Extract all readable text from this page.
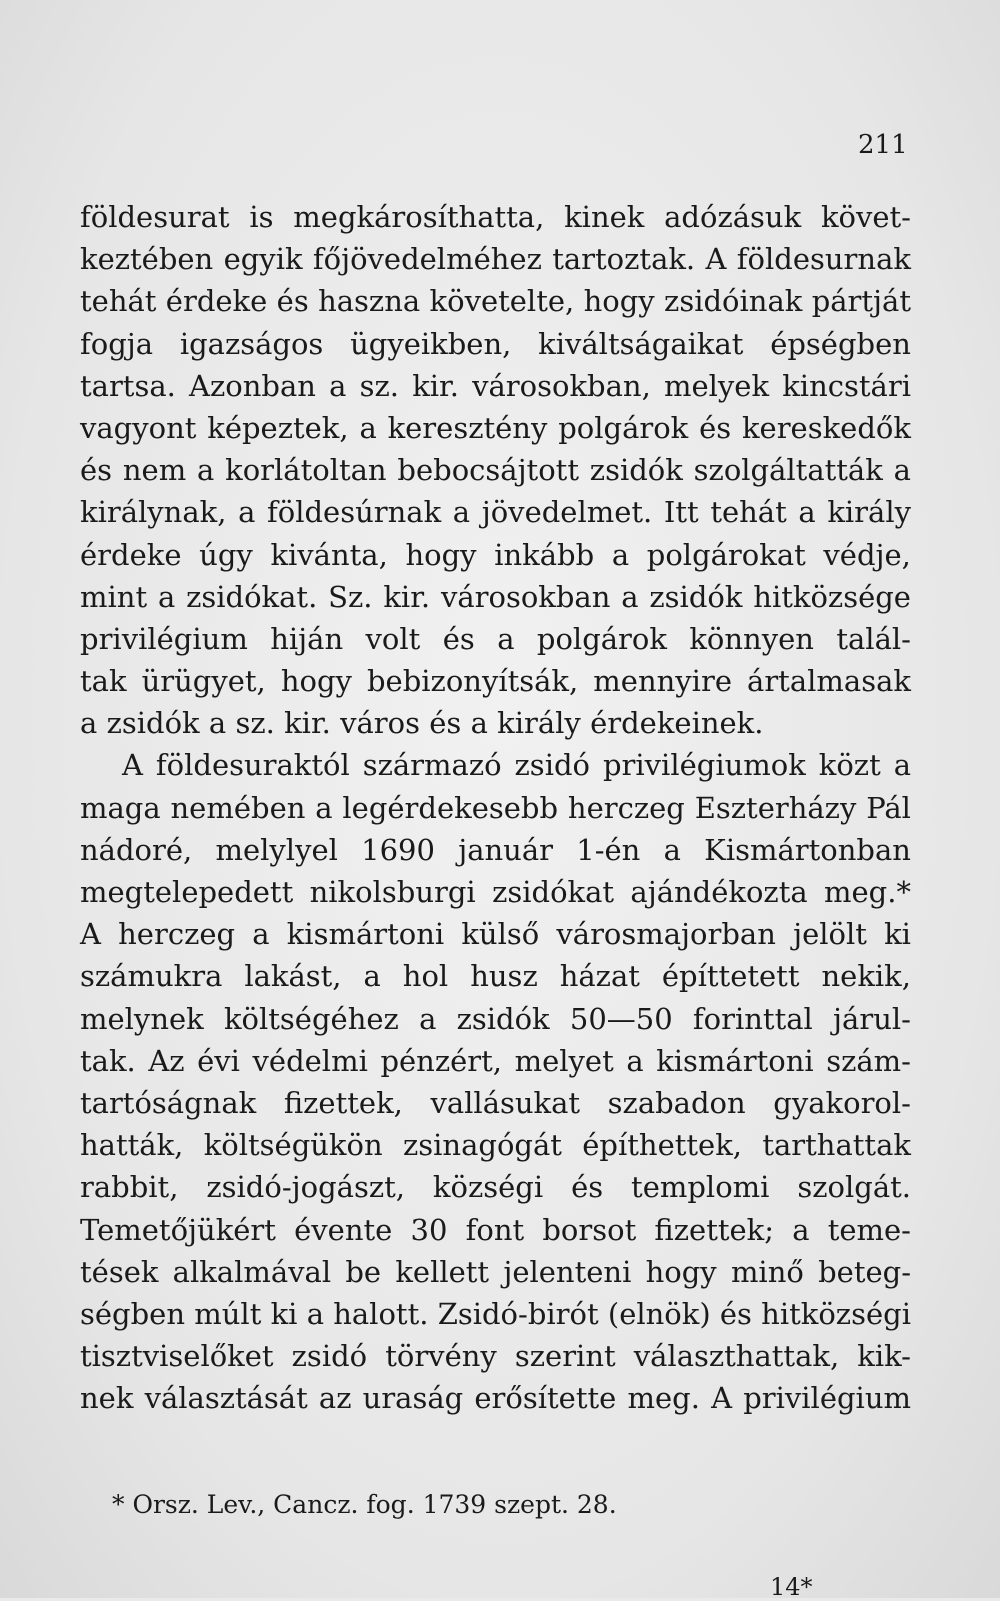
211
földesurat is megkárosíthatta, kinek adózásuk követ-
keztében egyik főjövedelméhez tartoztak. A földesurnak
tehát érdeke és haszna követelte, hogy zsidóinak pártját
fogja igazságos ügyeikben, kiváltságaikat épségben
tartsa. Azonban a sz. kir. városokban, melyek kincstári
vagyont képeztek, a keresztény polgárok és kereskedők
és nem a korlátoltan bebocsájtott zsidók szolgáltatták a
királynak, a földesúrnak a jövedelmet. Itt tehát a király
érdeke úgy kivánta, hogy inkább a polgárokat védje,
mint a zsidókat. Sz. kir. városokban a zsidók hitközsége
privilégium hiján volt és a polgárok könnyen talál-
tak ürügyet, hogy bebizonyítsák, mennyire ártalmasak
a zsidók a sz. kir. város és a király érdekeinek.
A földesuraktól származó zsidó privilégiumok közt a
maga nemében a legérdekesebb herczeg Eszterházy Pál
nádoré, melylyel 1690 január 1-én a Kismártonban
megtelepedett nikolsburgi zsidókat ajándékozta meg.*
A herczeg a kismártoni külső városmajorban jelölt ki
számukra lakást, a hol husz házat építtetett nekik,
melynek költségéhez a zsidók 50—50 forinttal járul-
tak. Az évi védelmi pénzért, melyet a kismártoni szám-
tartóságnak fizettek, vallásukat szabadon gyakorol-
hatták, költségükön zsinagógát építhettek, tarthattak
rabbit, zsidó-jogászt, községi és templomi szolgát.
Temetőjükért évente 30 font borsot fizettek; a teme-
tések alkalmával be kellett jelenteni hogy minő beteg-
ségben múlt ki a halott. Zsidó-birót (elnök) és hitközségi
tisztviselőket zsidó törvény szerint választhattak, kik-
nek választását az uraság erősítette meg. A privilégium
* Orsz. Lev., Cancz. fog. 1739 szept. 28.
14*
